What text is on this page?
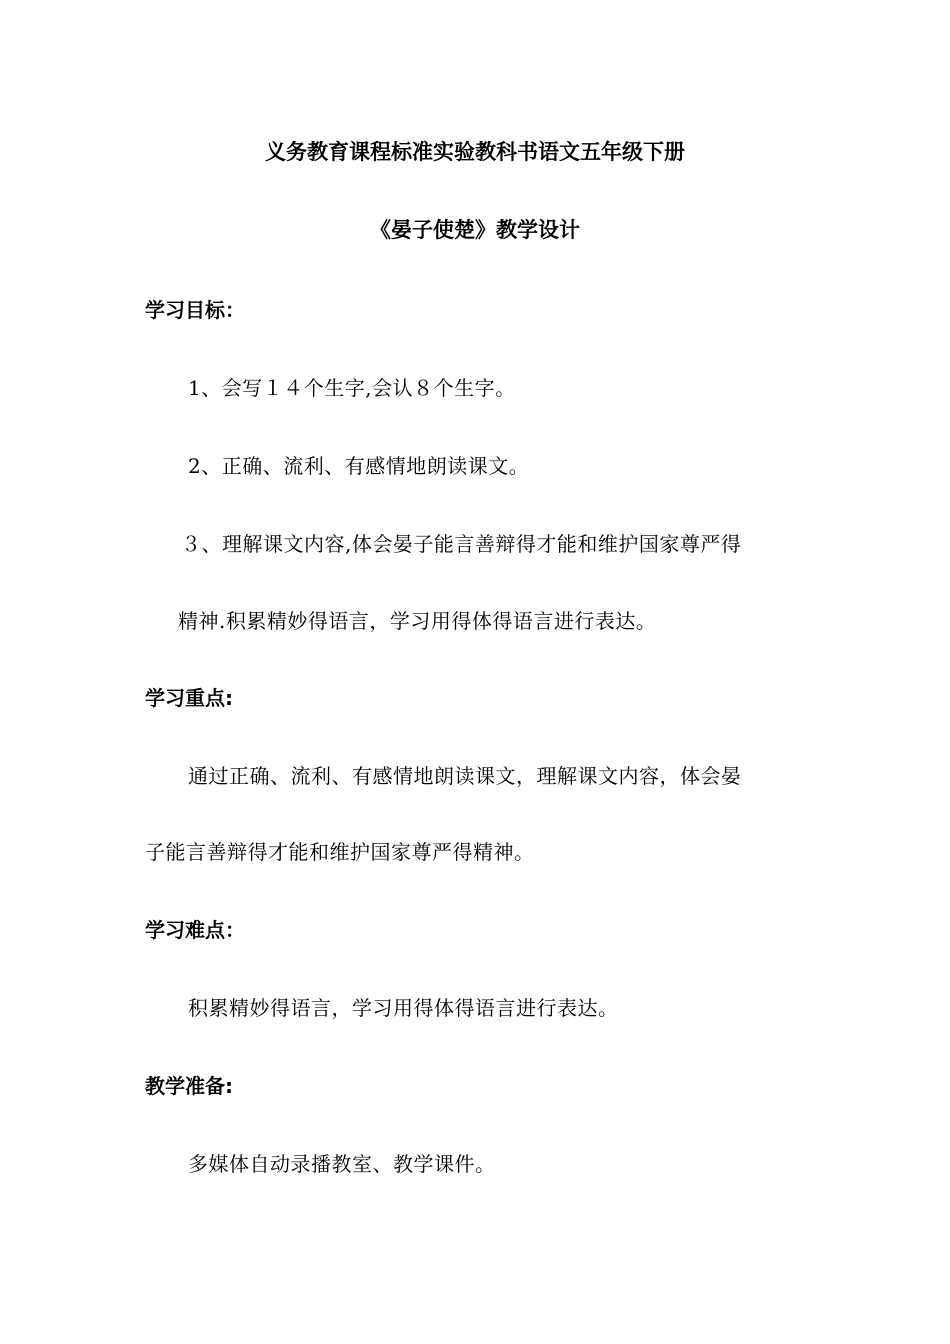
义务教育课程标准实验教科书语文五年级下册
《晏子使楚》教学设计
学习目标：
1、会写１４个生字,会认８个生字。
2、正确、流利、有感情地朗读课文。
３、理解课文内容,体会晏子能言善辩得才能和维护国家尊严得
精神.积累精妙得语言，学习用得体得语言进行表达。
学习重点:
通过正确、流利、有感情地朗读课文，理解课文内容，体会晏
子能言善辩得才能和维护国家尊严得精神。
学习难点：
积累精妙得语言，学习用得体得语言进行表达。
教学准备:
多媒体自动录播教室、教学课件。
